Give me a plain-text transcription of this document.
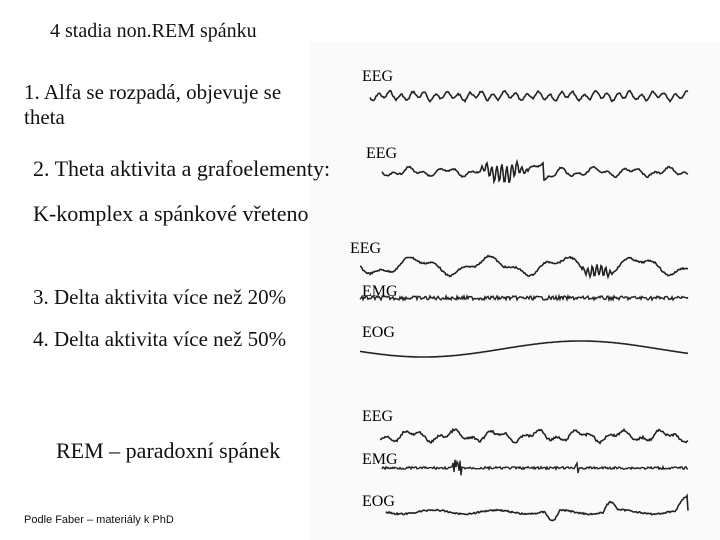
4 stadia non.REM spánku
1. Alfa se rozpadá, objevuje se theta
2. Theta aktivita a grafoelementy:
K-komplex a spánkové vřeteno
3. Delta aktivita více než 20%
4. Delta aktivita více než 50%
REM – paradoxní spánek
Podle Faber – materiály k PhD
EEG
EEG
EEG
EMG
EOG
EEG
EMG
EOG
